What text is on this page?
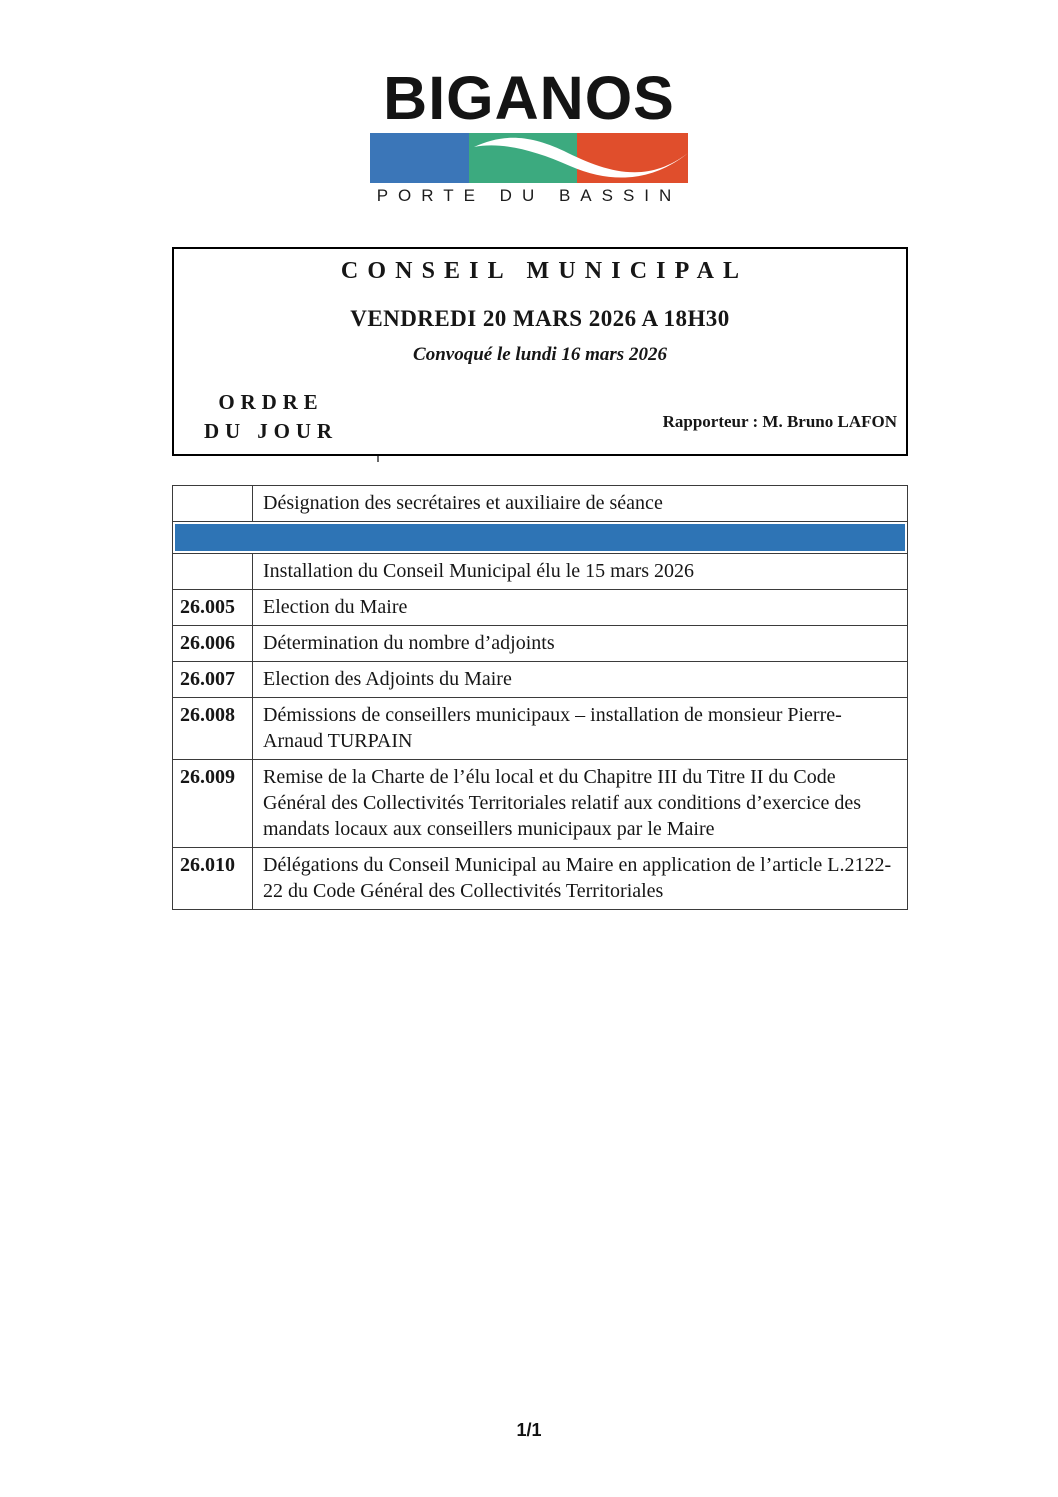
BIGANOS
PORTE DU BASSIN
CONSEIL MUNICIPAL
VENDREDI 20 MARS 2026 A 18H30
Convoqué le lundi 16 mars 2026
ORDRE
DU JOUR	Rapporteur : M. Bruno LAFON
Désignation des secrétaires et auxiliaire de séance
Installation du Conseil Municipal élu le 15 mars 2026
26.005	Election du Maire
26.006	Détermination du nombre d’adjoints
26.007	Election des Adjoints du Maire
26.008	Démissions de conseillers municipaux – installation de monsieur Pierre-Arnaud TURPAIN
26.009	Remise de la Charte de l’élu local et du Chapitre III du Titre II du Code Général des Collectivités Territoriales relatif aux conditions d’exercice des mandats locaux aux conseillers municipaux par le Maire
26.010	Délégations du Conseil Municipal au Maire en application de l’article L.2122-22 du Code Général des Collectivités Territoriales
1/1
